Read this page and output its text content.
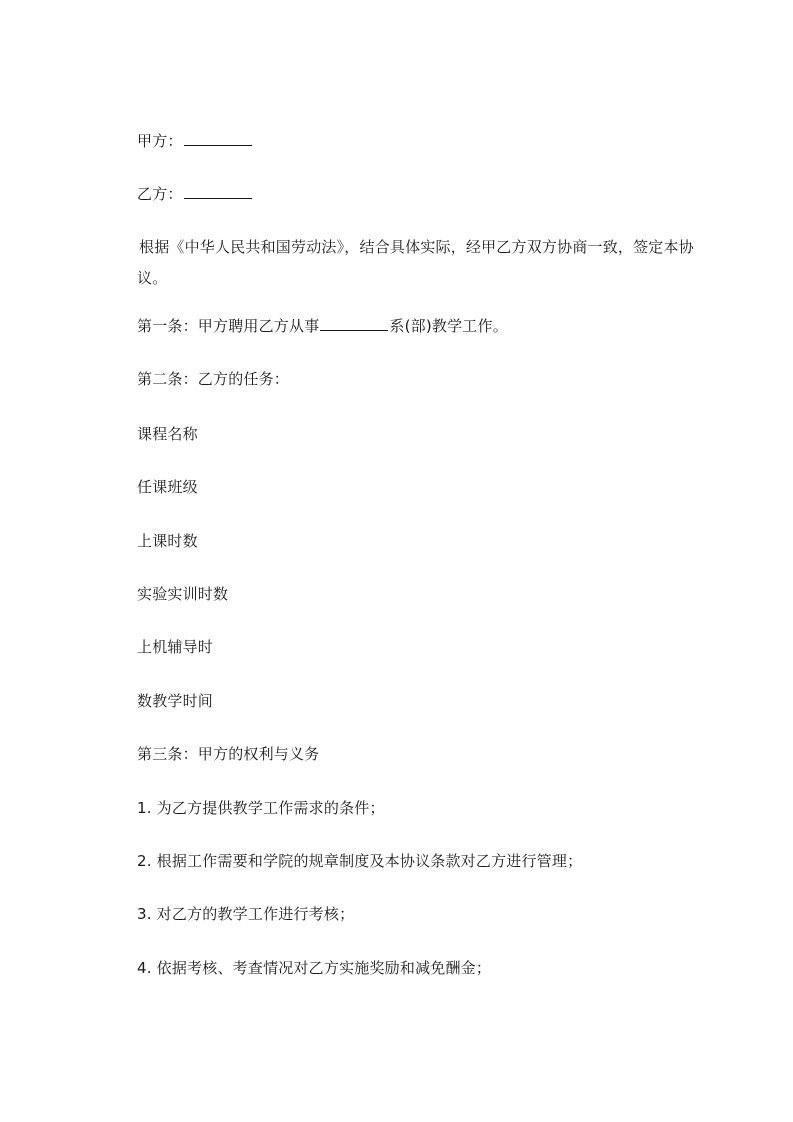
甲方：
乙方：
根据《中华人民共和国劳动法》，结合具体实际，经甲乙方双方协商一致，签定本协议。
第一条：甲方聘用乙方从事	系(部)教学工作。
第二条：乙方的任务：
课程名称
任课班级
上课时数
实验实训时数
上机辅导时
数教学时间
第三条：甲方的权利与义务
1. 为乙方提供教学工作需求的条件；
2. 根据工作需要和学院的规章制度及本协议条款对乙方进行管理；
3. 对乙方的教学工作进行考核；
4. 依据考核、考查情况对乙方实施奖励和减免酬金；
